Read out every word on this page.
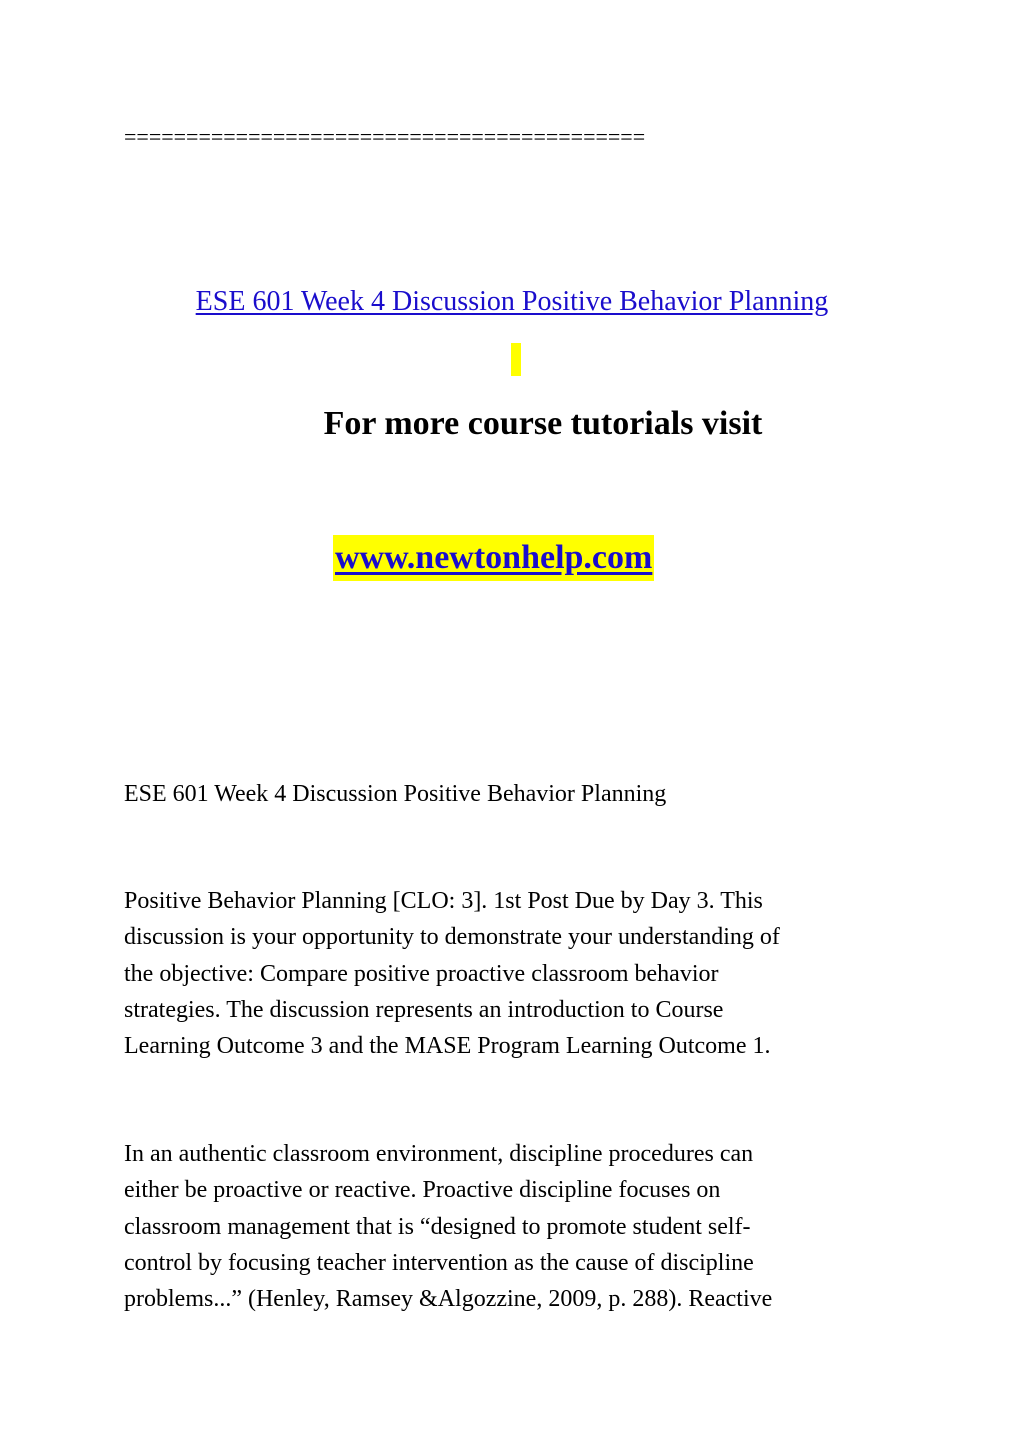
==========================================
ESE 601 Week 4 Discussion Positive Behavior Planning
For more course tutorials visit
www.newtonhelp.com
ESE 601 Week 4 Discussion Positive Behavior Planning
Positive Behavior Planning [CLO: 3]. 1st Post Due by Day 3. This
discussion is your opportunity to demonstrate your understanding of
the objective: Compare positive proactive classroom behavior
strategies. The discussion represents an introduction to Course
Learning Outcome 3 and the MASE Program Learning Outcome 1.
In an authentic classroom environment, discipline procedures can
either be proactive or reactive. Proactive discipline focuses on
classroom management that is “designed to promote student self-
control by focusing teacher intervention as the cause of discipline
problems...” (Henley, Ramsey &Algozzine, 2009, p. 288). Reactive
